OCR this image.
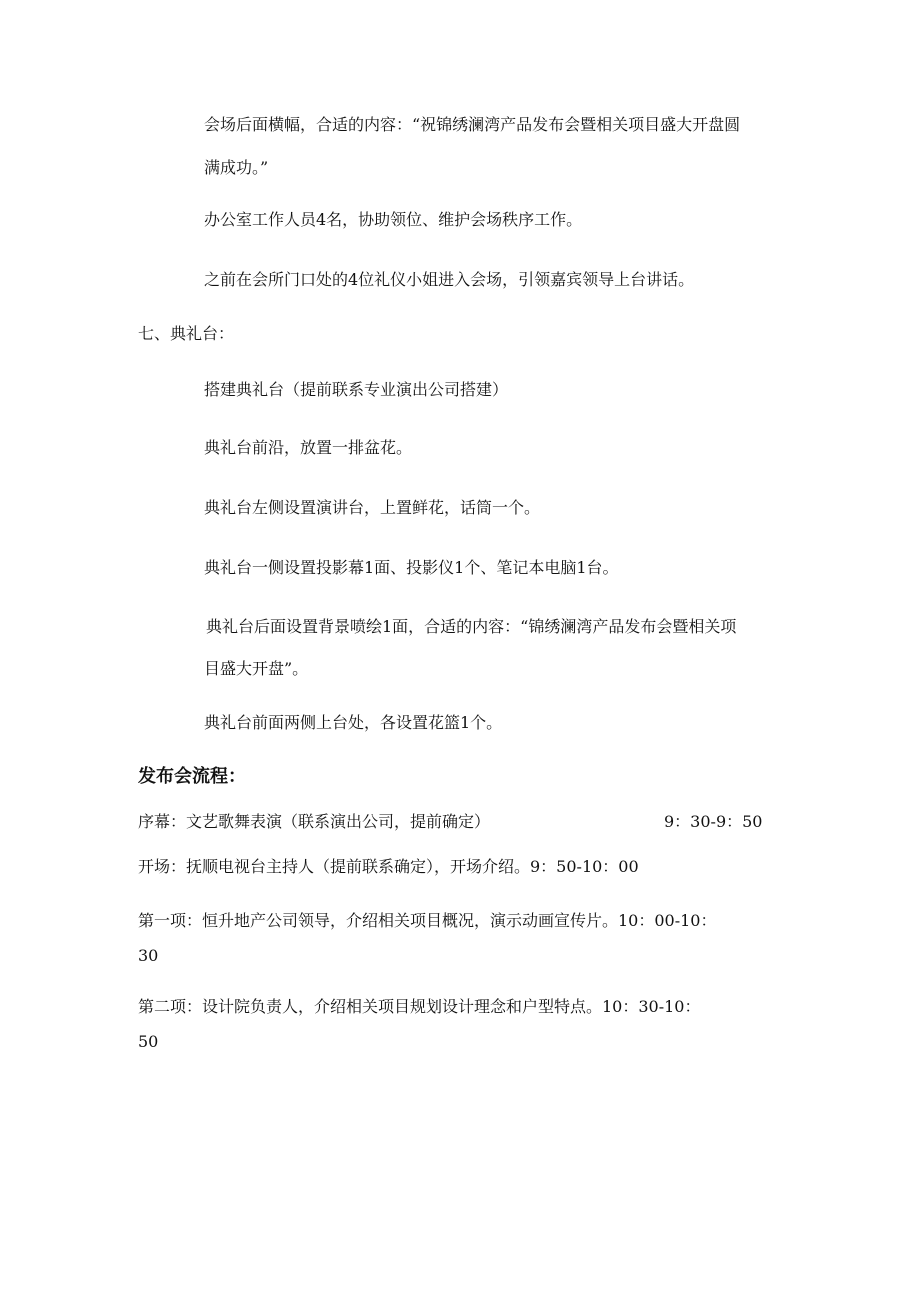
会场后面横幅，合适的内容：“祝锦绣澜湾产品发布会暨相关项目盛大开盘圆
满成功。”
办公室工作人员4名，协助领位、维护会场秩序工作。
之前在会所门口处的4位礼仪小姐进入会场，引领嘉宾领导上台讲话。
七、典礼台：
搭建典礼台（提前联系专业演出公司搭建）
典礼台前沿，放置一排盆花。
典礼台左侧设置演讲台，上置鲜花，话筒一个。
典礼台一侧设置投影幕1面、投影仪1个、笔记本电脑1台。
典礼台后面设置背景喷绘1面，合适的内容：“锦绣澜湾产品发布会暨相关项
目盛大开盘”。
典礼台前面两侧上台处，各设置花篮1个。
发布会流程：
序幕：文艺歌舞表演（联系演出公司，提前确定）	9：30-9：50
开场：抚顺电视台主持人（提前联系确定），开场介绍。9：50-10：00
第一项：恒升地产公司领导，介绍相关项目概况，演示动画宣传片。10：00-10：
30
第二项：设计院负责人，介绍相关项目规划设计理念和户型特点。10：30-10：
50
